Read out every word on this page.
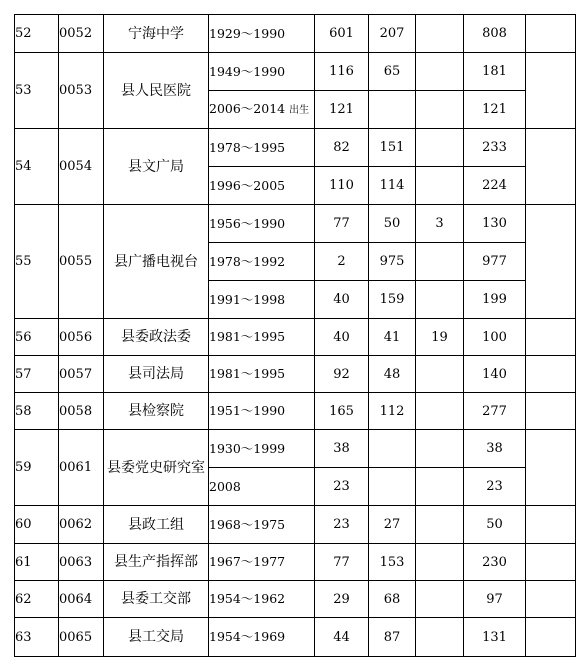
52	0052	宁海中学	1929～1990	601	207		808	
53	0053	县人民医院	1949～1990	116	65		181	
			2006～2014 出生	121			121	
54	0054	县文广局	1978～1995	82	151		233	
			1996～2005	110	114		224	
55	0055	县广播电视台	1956～1990	77	50	3	130	
			1978～1992	2	975		977	
			1991～1998	40	159		199	
56	0056	县委政法委	1981～1995	40	41	19	100	
57	0057	县司法局	1981～1995	92	48		140	
58	0058	县检察院	1951～1990	165	112		277	
59	0061	县委党史研究室	1930～1999	38			38	
			2008	23			23	
60	0062	县政工组	1968～1975	23	27		50	
61	0063	县生产指挥部	1967～1977	77	153		230	
62	0064	县委工交部	1954～1962	29	68		97	
63	0065	县工交局	1954～1969	44	87		131	
